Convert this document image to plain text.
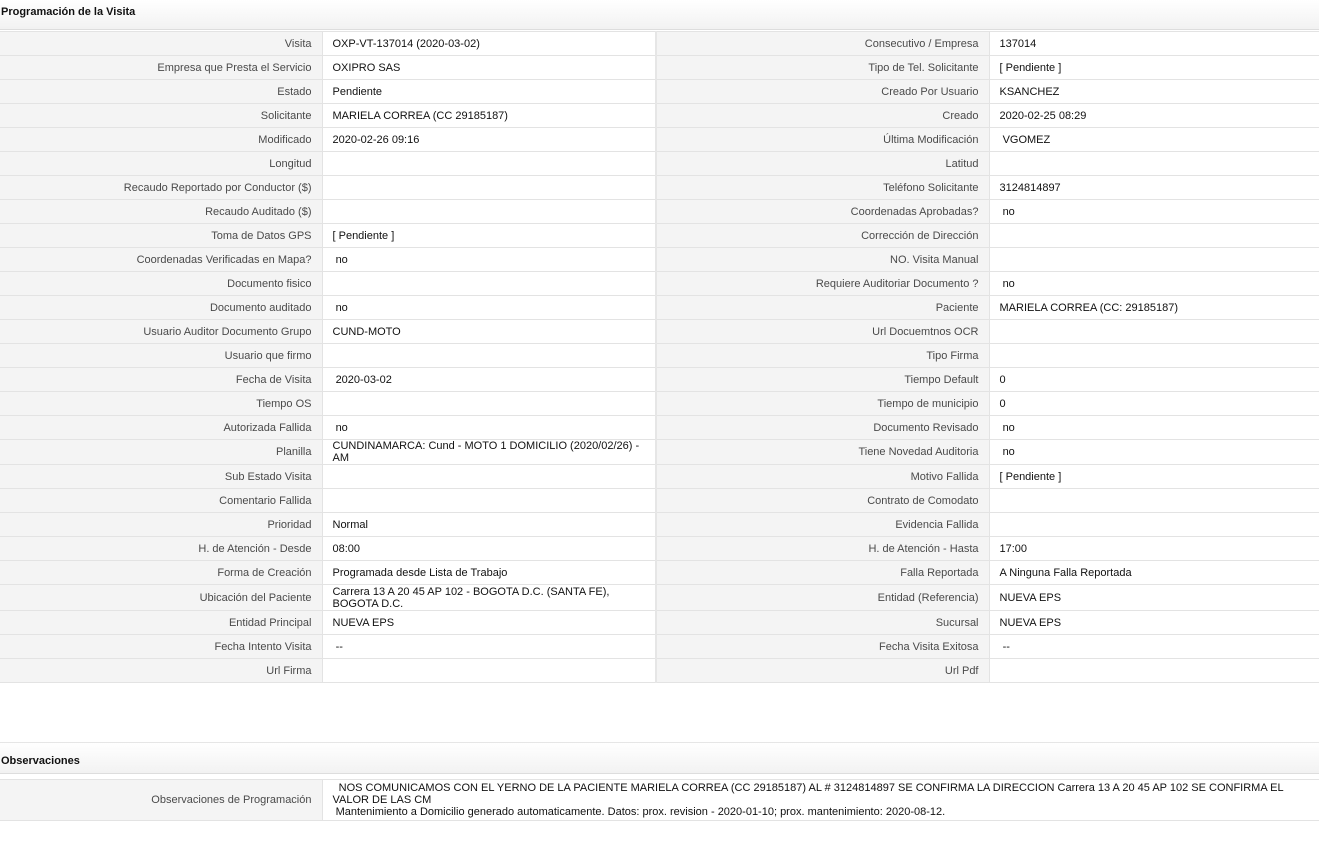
Programación de la Visita
Visita	OXP-VT-137014 (2020-03-02)	Consecutivo / Empresa	137014
Empresa que Presta el Servicio	OXIPRO SAS	Tipo de Tel. Solicitante	[ Pendiente ]
Estado	Pendiente	Creado Por Usuario	KSANCHEZ
Solicitante	MARIELA CORREA (CC 29185187)	Creado	2020-02-25 08:29
Modificado	2020-02-26 09:16	Última Modificación	VGOMEZ
Longitud		Latitud	
Recaudo Reportado por Conductor ($)		Teléfono Solicitante	3124814897
Recaudo Auditado ($)		Coordenadas Aprobadas?	no
Toma de Datos GPS	[ Pendiente ]	Corrección de Dirección	
Coordenadas Verificadas en Mapa?	no	NO. Visita Manual	
Documento fisico		Requiere Auditoriar Documento ?	no
Documento auditado	no	Paciente	MARIELA CORREA (CC: 29185187)
Usuario Auditor Documento Grupo	CUND-MOTO	Url Docuemtnos OCR	
Usuario que firmo		Tipo Firma	
Fecha de Visita	2020-03-02	Tiempo Default	0
Tiempo OS		Tiempo de municipio	0
Autorizada Fallida	no	Documento Revisado	no
Planilla	CUNDINAMARCA: Cund - MOTO 1 DOMICILIO (2020/02/26) - AM	Tiene Novedad Auditoria	no
Sub Estado Visita		Motivo Fallida	[ Pendiente ]
Comentario Fallida		Contrato de Comodato	
Prioridad	Normal	Evidencia Fallida	
H. de Atención - Desde	08:00	H. de Atención - Hasta	17:00
Forma de Creación	Programada desde Lista de Trabajo	Falla Reportada	A Ninguna Falla Reportada
Ubicación del Paciente	Carrera 13 A 20 45 AP 102 - BOGOTA D.C. (SANTA FE), BOGOTA D.C.	Entidad (Referencia)	NUEVA EPS
Entidad Principal	NUEVA EPS	Sucursal	NUEVA EPS
Fecha Intento Visita	--	Fecha Visita Exitosa	--
Url Firma		Url Pdf	
Observaciones
Observaciones de Programación	
NOS COMUNICAMOS CON EL YERNO DE LA PACIENTE MARIELA CORREA (CC 29185187) AL # 3124814897 SE CONFIRMA LA DIRECCION Carrera 13 A 20 45 AP 102 SE CONFIRMA EL VALOR DE LAS CM
Mantenimiento a Domicilio generado automaticamente. Datos: prox. revision - 2020-01-10; prox. mantenimiento: 2020-08-12.
